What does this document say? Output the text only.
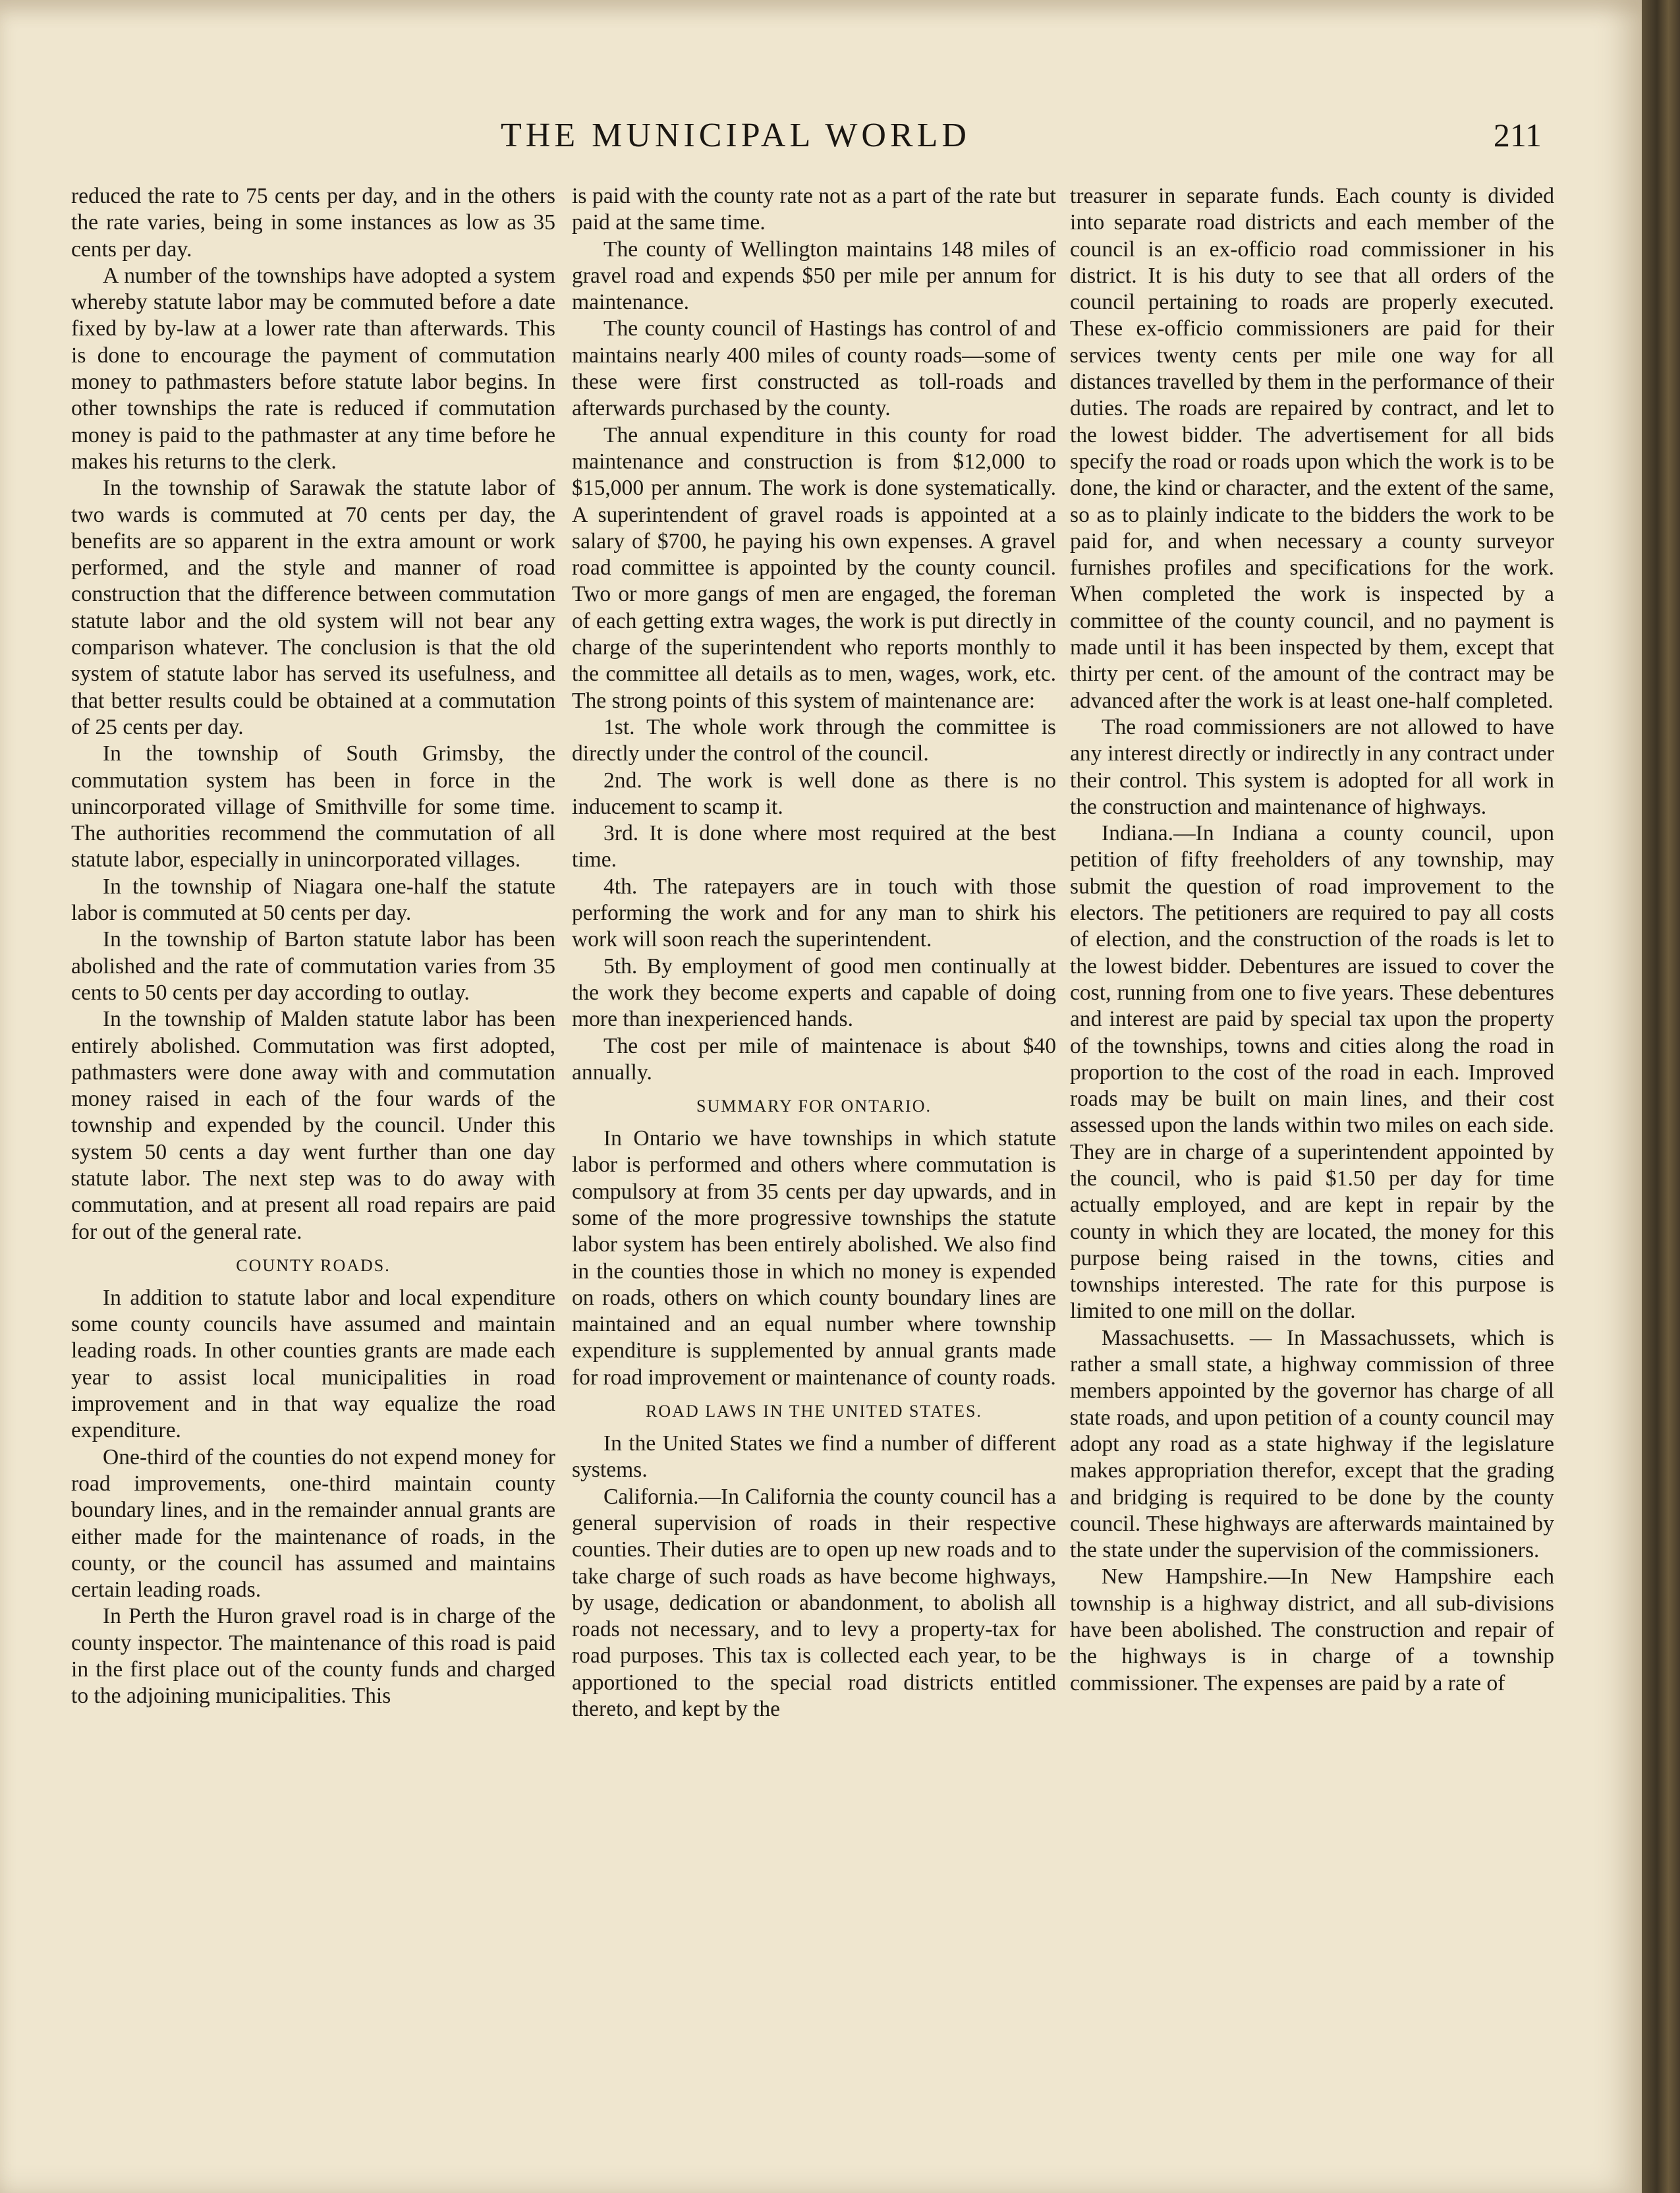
THE MUNICIPAL WORLD	211

reduced the rate to 75 cents per day, and in the others the rate varies, being in some instances as low as 35 cents per day.

A number of the townships have adopted a system whereby statute labor may be commuted before a date fixed by by-law at a lower rate than afterwards. This is done to encourage the payment of commutation money to pathmasters before statute labor begins. In other townships the rate is reduced if commutation money is paid to the pathmaster at any time before he makes his returns to the clerk.

In the township of Sarawak the statute labor of two wards is commuted at 70 cents per day, the benefits are so apparent in the extra amount or work performed, and the style and manner of road construction that the difference between commutation statute labor and the old system will not bear any comparison whatever. The conclusion is that the old system of statute labor has served its usefulness, and that better results could be obtained at a commutation of 25 cents per day.

In the township of South Grimsby, the commutation system has been in force in the unincorporated village of Smithville for some time. The authorities recommend the commutation of all statute labor, especially in unincorporated villages.

In the township of Niagara one-half the statute labor is commuted at 50 cents per day.

In the township of Barton statute labor has been abolished and the rate of commutation varies from 35 cents to 50 cents per day according to outlay.

In the township of Malden statute labor has been entirely abolished. Commutation was first adopted, pathmasters were done away with and commutation money raised in each of the four wards of the township and expended by the council. Under this system 50 cents a day went further than one day statute labor. The next step was to do away with commutation, and at present all road repairs are paid for out of the general rate.

COUNTY ROADS.

In addition to statute labor and local expenditure some county councils have assumed and maintain leading roads. In other counties grants are made each year to assist local municipalities in road improvement and in that way equalize the road expenditure.

One-third of the counties do not expend money for road improvements, one-third maintain county boundary lines, and in the remainder annual grants are either made for the maintenance of roads, in the county, or the council has assumed and maintains certain leading roads.

In Perth the Huron gravel road is in charge of the county inspector. The maintenance of this road is paid in the first place out of the county funds and charged to the adjoining municipalities. This

is paid with the county rate not as a part of the rate but paid at the same time.

The county of Wellington maintains 148 miles of gravel road and expends $50 per mile per annum for maintenance.

The county council of Hastings has control of and maintains nearly 400 miles of county roads—some of these were first constructed as toll-roads and afterwards purchased by the county.

The annual expenditure in this county for road maintenance and construction is from $12,000 to $15,000 per annum. The work is done systematically. A superintendent of gravel roads is appointed at a salary of $700, he paying his own expenses. A gravel road committee is appointed by the county council. Two or more gangs of men are engaged, the foreman of each getting extra wages, the work is put directly in charge of the superintendent who reports monthly to the committee all details as to men, wages, work, etc. The strong points of this system of maintenance are:

1st. The whole work through the committee is directly under the control of the council.

2nd. The work is well done as there is no inducement to scamp it.

3rd. It is done where most required at the best time.

4th. The ratepayers are in touch with those performing the work and for any man to shirk his work will soon reach the superintendent.

5th. By employment of good men continually at the work they become experts and capable of doing more than inexperienced hands.

The cost per mile of maintenace is about $40 annually.

SUMMARY FOR ONTARIO.

In Ontario we have townships in which statute labor is performed and others where commutation is compulsory at from 35 cents per day upwards, and in some of the more progressive townships the statute labor system has been entirely abolished. We also find in the counties those in which no money is expended on roads, others on which county boundary lines are maintained and an equal number where township expenditure is supplemented by annual grants made for road improvement or maintenance of county roads.

ROAD LAWS IN THE UNITED STATES.

In the United States we find a number of different systems.

California.—In California the county council has a general supervision of roads in their respective counties. Their duties are to open up new roads and to take charge of such roads as have become highways, by usage, dedication or abandonment, to abolish all roads not necessary, and to levy a property-tax for road purposes. This tax is collected each year, to be apportioned to the special road districts entitled thereto, and kept by the

treasurer in separate funds. Each county is divided into separate road districts and each member of the council is an ex-officio road commissioner in his district. It is his duty to see that all orders of the council pertaining to roads are properly executed. These ex-officio commissioners are paid for their services twenty cents per mile one way for all distances travelled by them in the performance of their duties. The roads are repaired by contract, and let to the lowest bidder. The advertisement for all bids specify the road or roads upon which the work is to be done, the kind or character, and the extent of the same, so as to plainly indicate to the bidders the work to be paid for, and when necessary a county surveyor furnishes profiles and specifications for the work. When completed the work is inspected by a committee of the county council, and no payment is made until it has been inspected by them, except that thirty per cent. of the amount of the contract may be advanced after the work is at least one-half completed.

The road commissioners are not allowed to have any interest directly or indirectly in any contract under their control. This system is adopted for all work in the construction and maintenance of highways.

Indiana.—In Indiana a county council, upon petition of fifty freeholders of any township, may submit the question of road improvement to the electors. The petitioners are required to pay all costs of election, and the construction of the roads is let to the lowest bidder. Debentures are issued to cover the cost, running from one to five years. These debentures and interest are paid by special tax upon the property of the townships, towns and cities along the road in proportion to the cost of the road in each. Improved roads may be built on main lines, and their cost assessed upon the lands within two miles on each side. They are in charge of a superintendent appointed by the council, who is paid $1.50 per day for time actually employed, and are kept in repair by the county in which they are located, the money for this purpose being raised in the towns, cities and townships interested. The rate for this purpose is limited to one mill on the dollar.

Massachusetts. — In Massachussets, which is rather a small state, a highway commission of three members appointed by the governor has charge of all state roads, and upon petition of a county council may adopt any road as a state highway if the legislature makes appropriation therefor, except that the grading and bridging is required to be done by the county council. These highways are afterwards maintained by the state under the supervision of the commissioners.

New Hampshire.—In New Hampshire each township is a highway district, and all sub-divisions have been abolished. The construction and repair of the highways is in charge of a township commissioner. The expenses are paid by a rate of
